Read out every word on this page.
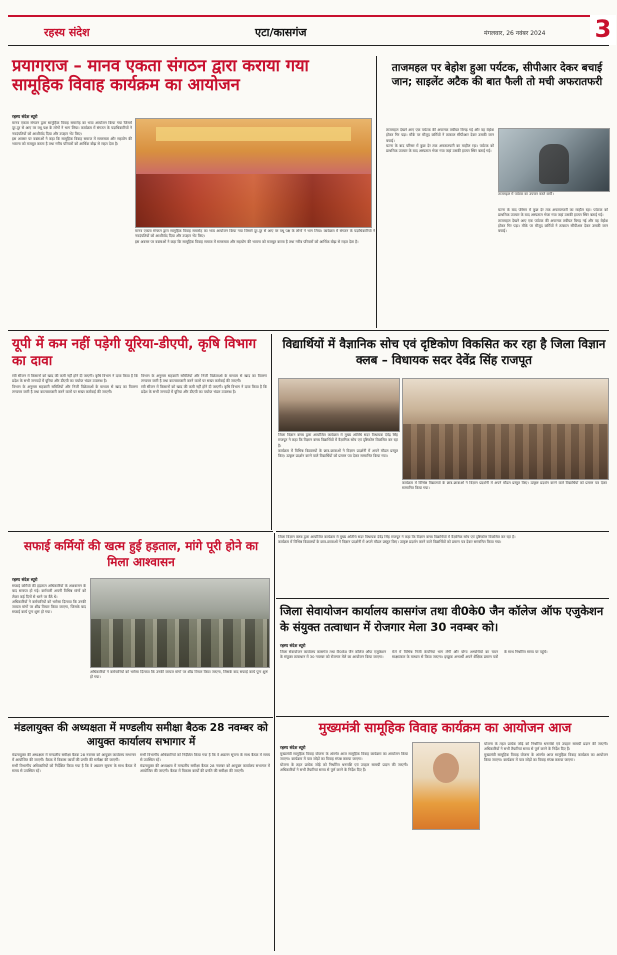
रहस्य संदेश	एटा/कासगंज	मंगलवार, 26 नवंबर 2024 3
प्रयागराज – मानव एकता संगठन द्वारा कराया गया सामूहिक विवाह कार्यक्रम का आयोजन
रहस्य संदेश ब्यूरो

मानव एकता संगठन द्वारा सामूहिक विवाह समारोह का भव्य आयोजन किया गया जिसमें दूर-दूर से आए वर वधू पक्ष के लोगों ने भाग लिया। कार्यक्रम में संगठन के पदाधिकारियों ने नवदंपतियों को आशीर्वाद दिया और उपहार भेंट किए।

इस अवसर पर वक्ताओं ने कहा कि सामूहिक विवाह समाज में समरसता और सहयोग की भावना को मजबूत करता है तथा गरीब परिवारों को आर्थिक बोझ से राहत देता है।

मानव एकता संगठन द्वारा सामूहिक विवाह समारोह का भव्य आयोजन किया गया जिसमें दूर-दूर से आए वर वधू पक्ष के लोगों ने भाग लिया। कार्यक्रम में संगठन के पदाधिकारियों ने नवदंपतियों को आशीर्वाद दिया और उपहार भेंट किए।

इस अवसर पर वक्ताओं ने कहा कि सामूहिक विवाह समाज में समरसता और सहयोग की भावना को मजबूत करता है तथा गरीब परिवारों को आर्थिक बोझ से राहत देता है।

ताजमहल पर बेहोश हुआ पर्यटक, सीपीआर देकर बचाई जान; साइलेंट अटैक की बात फैली तो मची अफरातफरी

ताजमहल देखने आए एक पर्यटक की अचानक तबीयत बिगड़ गई और वह बेहोश होकर गिर पड़ा। मौके पर मौजूद कर्मियों ने तत्काल सीपीआर देकर उसकी जान बचाई।

घटना के बाद परिसर में कुछ देर तक अफरातफरी का माहौल रहा। पर्यटक को प्राथमिक उपचार के बाद अस्पताल भेजा गया जहां उसकी हालत स्थिर बताई गई।

ताजमहल में पर्यटक का उपचार करते कर्मी।

घटना के बाद परिसर में कुछ देर तक अफरातफरी का माहौल रहा। पर्यटक को प्राथमिक उपचार के बाद अस्पताल भेजा गया जहां उसकी हालत स्थिर बताई गई।

ताजमहल देखने आए एक पर्यटक की अचानक तबीयत बिगड़ गई और वह बेहोश होकर गिर पड़ा। मौके पर मौजूद कर्मियों ने तत्काल सीपीआर देकर उसकी जान बचाई।

यूपी में कम नहीं पड़ेगी यूरिया-डीएपी, कृषि विभाग का दावा

रबी सीजन में किसानों को खाद की कमी नहीं होने दी जाएगी। कृषि विभाग ने दावा किया है कि प्रदेश के सभी जनपदों में यूरिया और डीएपी का पर्याप्त भंडार उपलब्ध है।

विभाग के अनुसार सहकारी समितियों और निजी विक्रेताओं के माध्यम से खाद का वितरण लगातार जारी है तथा कालाबाजारी करने वालों पर सख्त कार्रवाई की जाएगी।

विभाग के अनुसार सहकारी समितियों और निजी विक्रेताओं के माध्यम से खाद का वितरण लगातार जारी है तथा कालाबाजारी करने वालों पर सख्त कार्रवाई की जाएगी।

रबी सीजन में किसानों को खाद की कमी नहीं होने दी जाएगी। कृषि विभाग ने दावा किया है कि प्रदेश के सभी जनपदों में यूरिया और डीएपी का पर्याप्त भंडार उपलब्ध है।

विद्यार्थियों में वैज्ञानिक सोच एवं दृष्टिकोण विकसित कर रहा है जिला विज्ञान क्लब – विधायक सदर देवेंद्र सिंह राजपूत

जिला विज्ञान क्लब द्वारा आयोजित कार्यक्रम में मुख्य अतिथि सदर विधायक देवेंद्र सिंह राजपूत ने कहा कि विज्ञान क्लब विद्यार्थियों में वैज्ञानिक सोच एवं दृष्टिकोण विकसित कर रहा है।

कार्यक्रम में विभिन्न विद्यालयों के छात्र-छात्राओं ने विज्ञान प्रदर्शनी में अपने मॉडल प्रस्तुत किए। उत्कृष्ट प्रदर्शन करने वाले विद्यार्थियों को प्रमाण पत्र देकर सम्मानित किया गया।

कार्यक्रम में विभिन्न विद्यालयों के छात्र-छात्राओं ने विज्ञान प्रदर्शनी में अपने मॉडल प्रस्तुत किए। उत्कृष्ट प्रदर्शन करने वाले विद्यार्थियों को प्रमाण पत्र देकर सम्मानित किया गया।

सफाई कर्मियों की खत्म हुई हड़ताल, मांगे पूरी होने का मिला आश्वासन
रहस्य संदेश ब्यूरो

सफाई कर्मियों की हड़ताल अधिकारियों के आश्वासन के बाद समाप्त हो गई। कर्मचारी अपनी विभिन्न मांगों को लेकर कई दिनों से धरने पर बैठे थे।

अधिकारियों ने कर्मचारियों को भरोसा दिलाया कि उनकी जायज मांगों पर शीघ्र विचार किया जाएगा, जिसके बाद सफाई कार्य पुनः शुरू हो गया।

अधिकारियों ने कर्मचारियों को भरोसा दिलाया कि उनकी जायज मांगों पर शीघ्र विचार किया जाएगा, जिसके बाद सफाई कार्य पुनः शुरू हो गया।

जिला विज्ञान क्लब द्वारा आयोजित कार्यक्रम में मुख्य अतिथि सदर विधायक देवेंद्र सिंह राजपूत ने कहा कि विज्ञान क्लब विद्यार्थियों में वैज्ञानिक सोच एवं दृष्टिकोण विकसित कर रहा है।

कार्यक्रम में विभिन्न विद्यालयों के छात्र-छात्राओं ने विज्ञान प्रदर्शनी में अपने मॉडल प्रस्तुत किए। उत्कृष्ट प्रदर्शन करने वाले विद्यार्थियों को प्रमाण पत्र देकर सम्मानित किया गया।

जिला सेवायोजन कार्यालय कासगंज तथा वी0के0 जैन कॉलेज ऑफ एजुकेशन के संयुक्त तत्वाधान में रोजगार मेला 30 नवम्बर को।
रहस्य संदेश ब्यूरो

जिला सेवायोजन कार्यालय कासगंज तथा वी0के0 जैन कॉलेज ऑफ एजुकेशन के संयुक्त तत्वाधान में 30 नवम्बर को रोजगार मेले का आयोजन किया जाएगा।

मेले में विभिन्न निजी कंपनियां भाग लेंगी और योग्य अभ्यर्थियों का चयन साक्षात्कार के माध्यम से किया जाएगा। इच्छुक अभ्यर्थी अपने शैक्षिक प्रमाण पत्रों के साथ निर्धारित समय पर पहुंचें।

मुख्यमंत्री सामूहिक विवाह कार्यक्रम का आयोजन आज
रहस्य संदेश ब्यूरो

मुख्यमंत्री सामूहिक विवाह योजना के अंतर्गत आज सामूहिक विवाह कार्यक्रम का आयोजन किया जाएगा। कार्यक्रम में पात्र जोड़ों का विवाह संपन्न कराया जाएगा।

योजना के तहत प्रत्येक जोड़े को निर्धारित धनराशि एवं उपहार सामग्री प्रदान की जाएगी। अधिकारियों ने सभी तैयारियां समय से पूर्ण करने के निर्देश दिए हैं।

योजना के तहत प्रत्येक जोड़े को निर्धारित धनराशि एवं उपहार सामग्री प्रदान की जाएगी। अधिकारियों ने सभी तैयारियां समय से पूर्ण करने के निर्देश दिए हैं।

मुख्यमंत्री सामूहिक विवाह योजना के अंतर्गत आज सामूहिक विवाह कार्यक्रम का आयोजन किया जाएगा। कार्यक्रम में पात्र जोड़ों का विवाह संपन्न कराया जाएगा।

मंडलायुक्त की अध्यक्षता में मण्डलीय समीक्षा बैठक 28 नवम्बर को आयुक्त कार्यालय सभागार में

मंडलायुक्त की अध्यक्षता में मण्डलीय समीक्षा बैठक 28 नवम्बर को आयुक्त कार्यालय सभागार में आयोजित की जाएगी। बैठक में विकास कार्यों की प्रगति की समीक्षा की जाएगी।

सभी विभागीय अधिकारियों को निर्देशित किया गया है कि वे अद्यतन सूचना के साथ बैठक में समय से उपस्थित रहें।

सभी विभागीय अधिकारियों को निर्देशित किया गया है कि वे अद्यतन सूचना के साथ बैठक में समय से उपस्थित रहें।

मंडलायुक्त की अध्यक्षता में मण्डलीय समीक्षा बैठक 28 नवम्बर को आयुक्त कार्यालय सभागार में आयोजित की जाएगी। बैठक में विकास कार्यों की प्रगति की समीक्षा की जाएगी।
